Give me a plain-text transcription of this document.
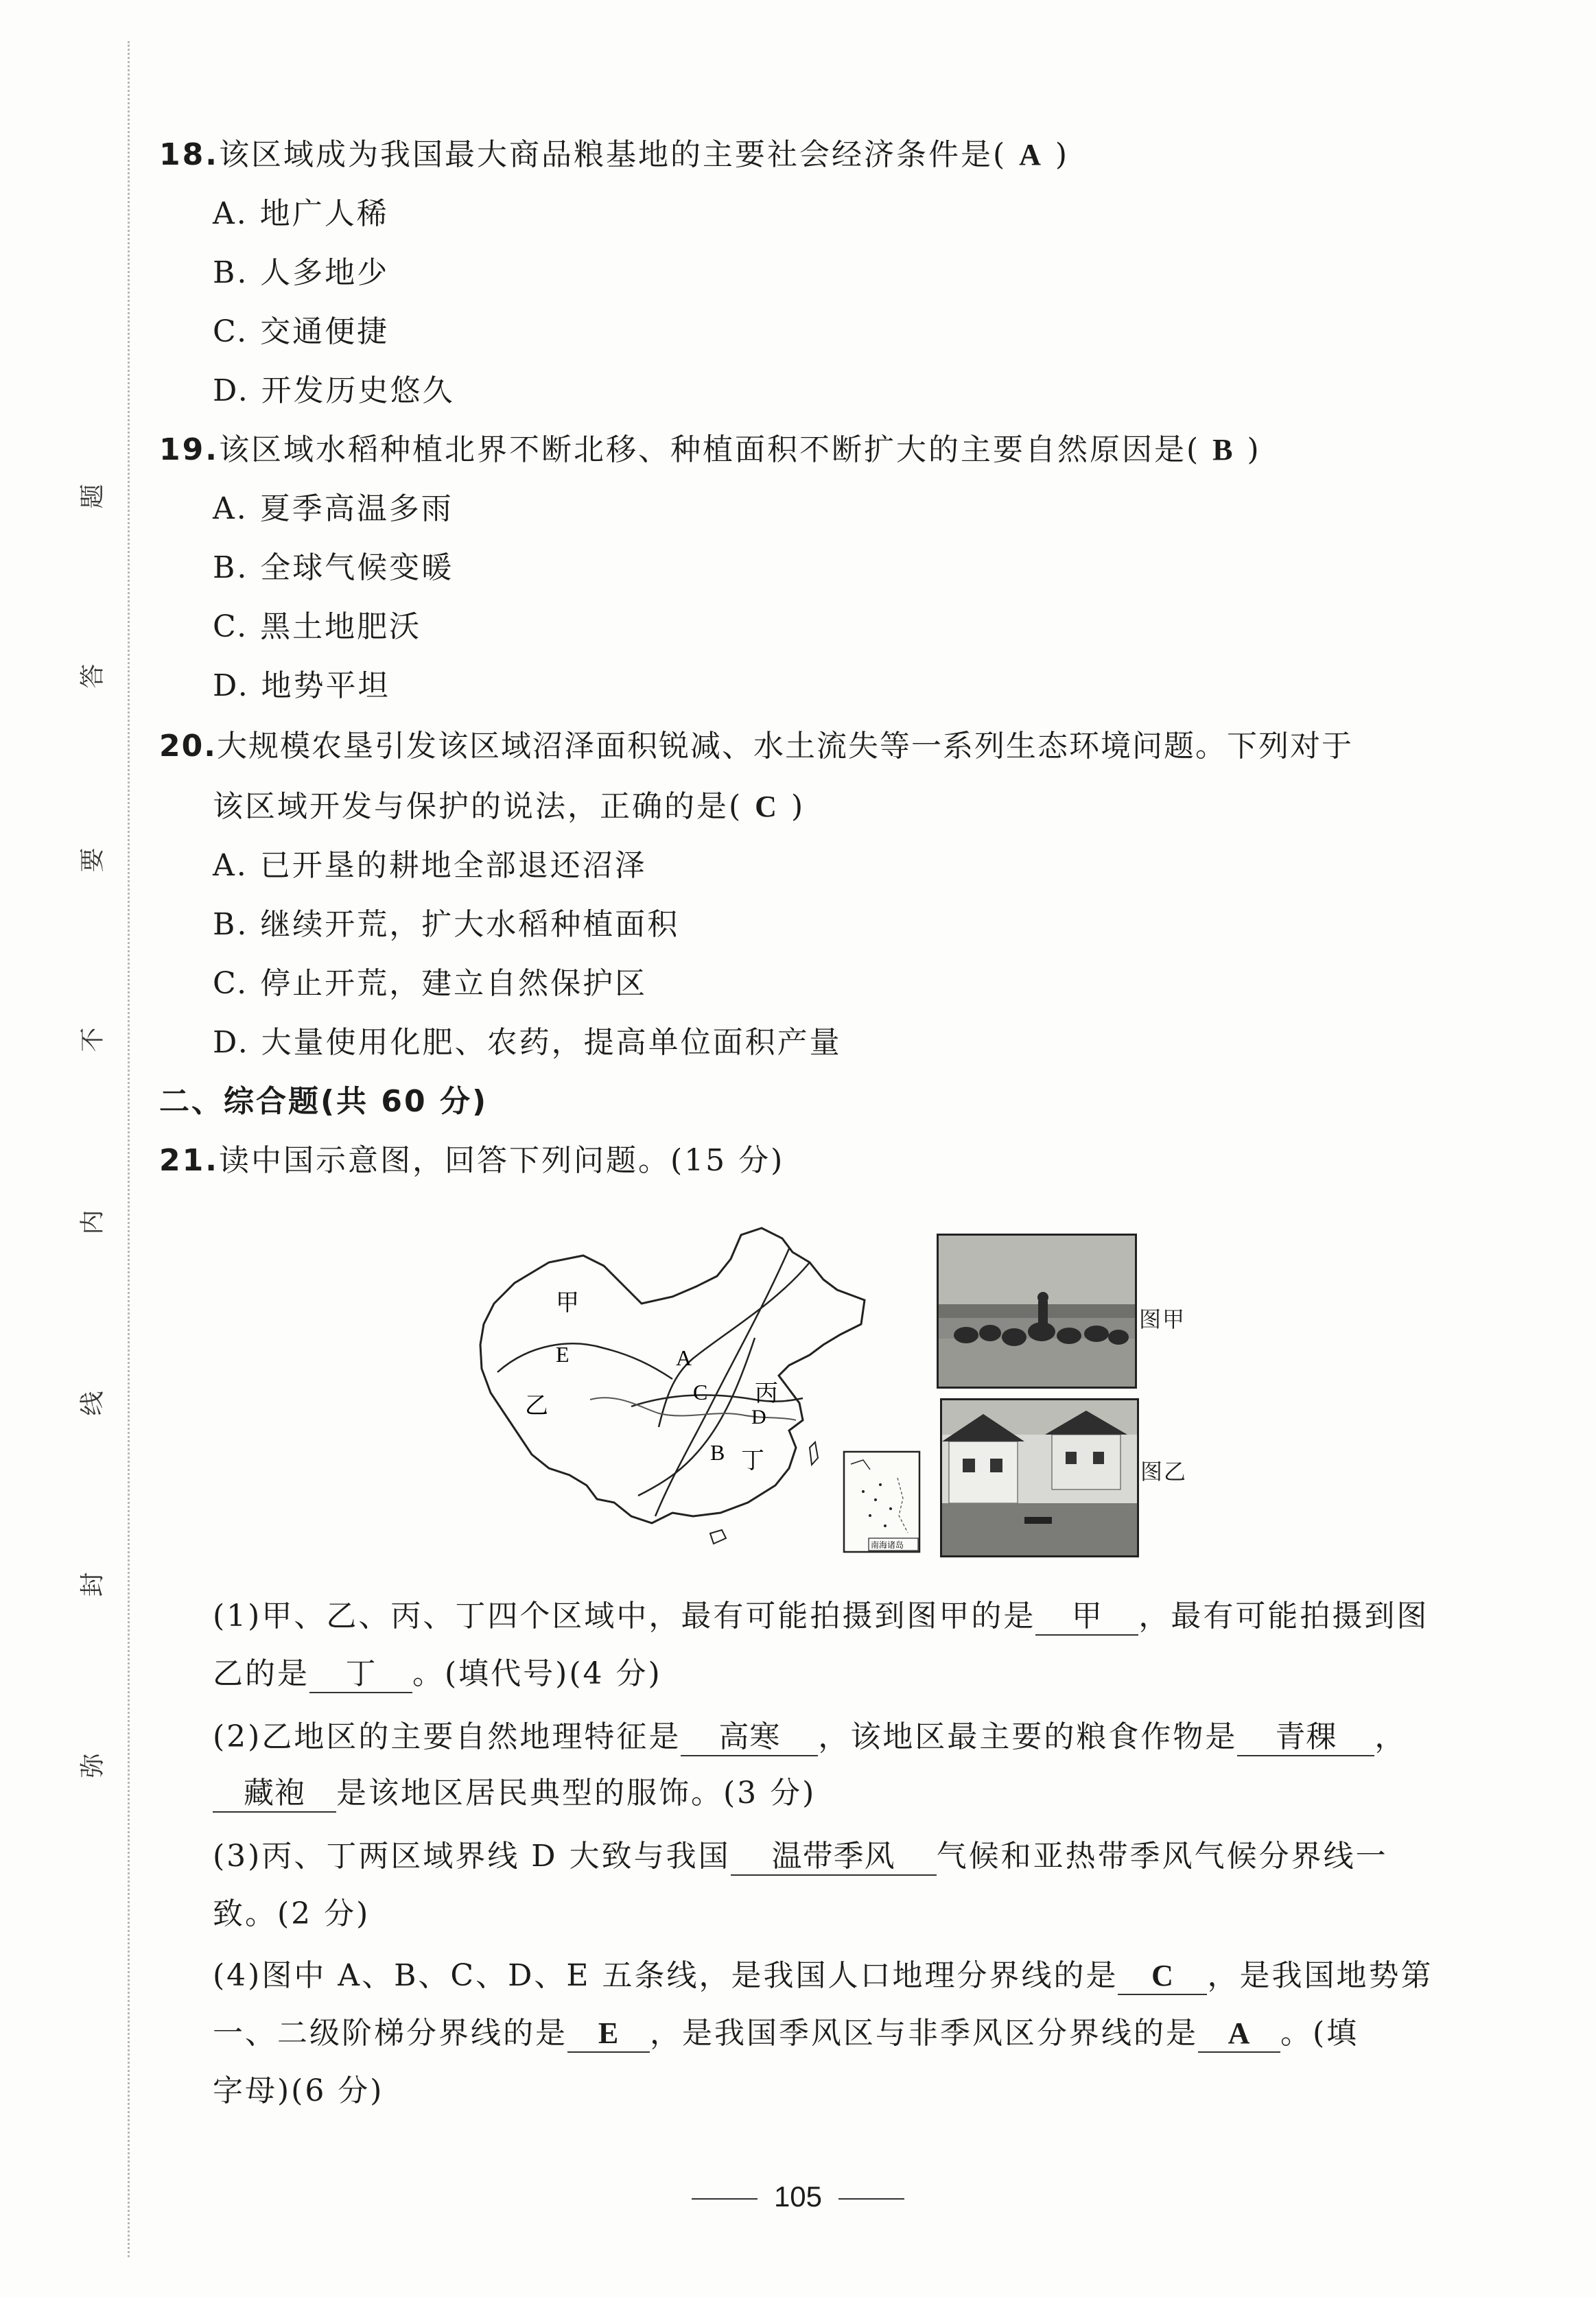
题
答
要
不
内
线
封
弥
18.该区域成为我国最大商品粮基地的主要社会经济条件是( A )
A. 地广人稀
B. 人多地少
C. 交通便捷
D. 开发历史悠久
19.该区域水稻种植北界不断北移、种植面积不断扩大的主要自然原因是( B )
A. 夏季高温多雨
B. 全球气候变暖
C. 黑土地肥沃
D. 地势平坦
20.大规模农垦引发该区域沼泽面积锐减、水土流失等一系列生态环境问题。下列对于
该区域开发与保护的说法，正确的是( C )
A. 已开垦的耕地全部退还沼泽
B. 继续开荒，扩大水稻种植面积
C. 停止开荒，建立自然保护区
D. 大量使用化肥、农药，提高单位面积产量
二、综合题(共 60 分)
21.读中国示意图，回答下列问题。(15 分)
甲
E
乙
A
C 丙
D
B 丁
南海诸岛
图甲
图乙
(1)甲、乙、丙、丁四个区域中，最有可能拍摄到图甲的是 甲 ，最有可能拍摄到图
乙的是 丁 。(填代号)(4 分)
(2)乙地区的主要自然地理特征是 高寒 ，该地区最主要的粮食作物是 青稞 ，
藏袍 是该地区居民典型的服饰。(3 分)
(3)丙、丁两区域界线 D 大致与我国 温带季风 气候和亚热带季风气候分界线一
致。(2 分)
(4)图中 A、B、C、D、E 五条线，是我国人口地理分界线的是 C ，是我国地势第
一、二级阶梯分界线的是 E ，是我国季风区与非季风区分界线的是 A 。(填
字母)(6 分)
105
